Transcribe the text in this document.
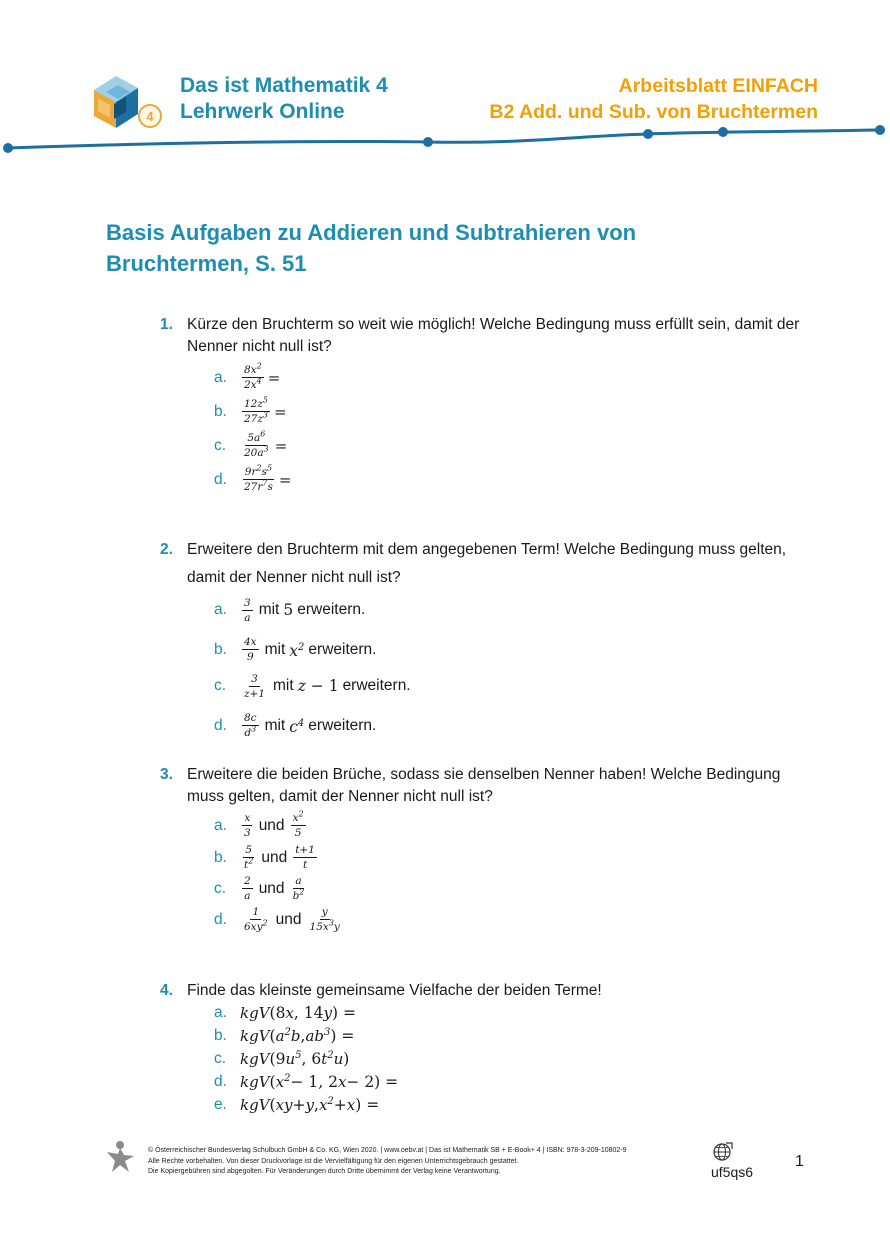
4
Das ist Mathematik 4
Lehrwerk Online
Arbeitsblatt EINFACH
B2 Add. und Sub. von Bruchtermen
Basis Aufgaben zu Addieren und Subtrahieren von Bruchtermen, S. 51
1. Kürze den Bruchterm so weit wie möglich! Welche Bedingung muss erfüllt sein, damit der Nenner nicht null ist?
a.	$\frac{8x^2}{2x^4}$ =
b.	$\frac{12z^5}{27z^3}$ =
c.	$\frac{5a^6}{20a^3}$ =
d.	$\frac{9r^2s^5}{27r^7s}$ =
2. Erweitere den Bruchterm mit dem angegebenen Term! Welche Bedingung muss gelten, damit der Nenner nicht null ist?
a.	$\frac{3}{a}$ mit 5 erweitern.
b.	$\frac{4x}{9}$ mit $x^2$ erweitern.
c.	$\frac{3}{z+1}$ mit z − 1 erweitern.
d.	$\frac{8c}{d^3}$ mit $c^4$ erweitern.
3. Erweitere die beiden Brüche, sodass sie denselben Nenner haben! Welche Bedingung muss gelten, damit der Nenner nicht null ist?
a.	$\frac{x}{3}$ und $\frac{x^2}{5}$
b.	$\frac{5}{t^2}$ und $\frac{t+1}{t}$
c.	$\frac{2}{a}$ und $\frac{a}{b^2}$
d.	$\frac{1}{6xy^2}$ und $\frac{y}{15x^3y}$
4. Finde das kleinste gemeinsame Vielfache der beiden Terme!
a. kgV (8 x , 14 y ) =
b. kgV ( $a^2b$ , $ab^3$ ) =
c. kgV (9 $u^5$ , 6 $t^2u$ )
d. kgV ( $x^2 - 1$, 2 x − 2) =
e. kgV ( xy + y , $x^2 + x$ ) =
© Österreichischer Bundesverlag Schulbuch GmbH & Co. KG, Wien 2020. | www.oebv.at | Das ist Mathematik SB + E-Book+ 4 | ISBN: 978-3-209-10802-9
Alle Rechte vorbehalten. Von dieser Druckvorlage ist die Vervielfältigung für den eigenen Unterrichtsgebrauch gestattet.
Die Kopiergebühren sind abgegolten. Für Veränderungen durch Dritte übernimmt der Verlag keine Verantwortung.	uf5qs6
1
